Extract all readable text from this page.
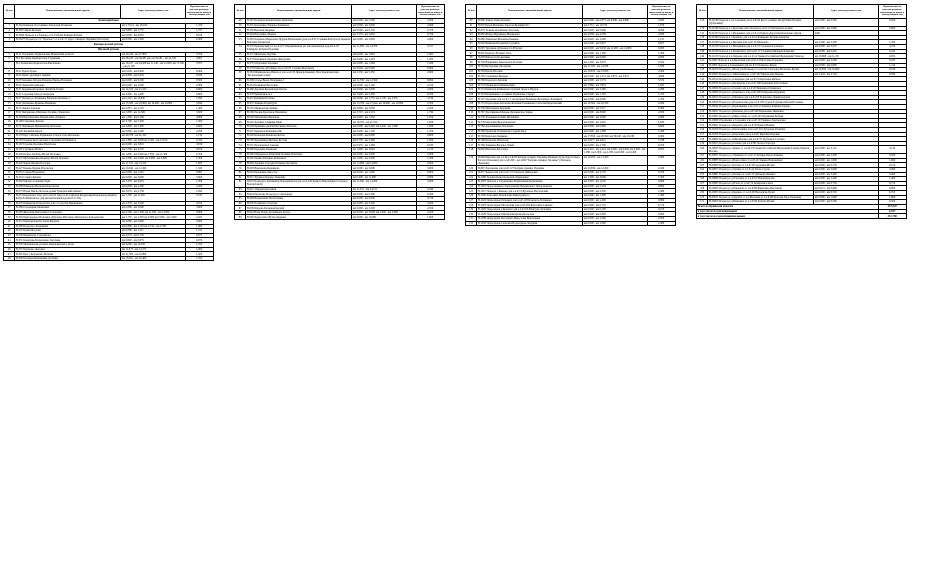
№ п/п	Наименование автомобильной дороги	Адрес участка ремонта, км	Протяженность участка ремонта, подлежащего вводу в эксплуатацию, км
Ленинградская			
1	Н-344 Каменец-Тросьинино-Заводская-Полковая	км 2,710,4 - км 18,104	1,376
2	Н-392 Симов-Козлово	км 8,800 - км 1,757	1,757
3	Н-3694 Подъезд к д.Зарячье от п.13-й Км Клинцы-Бобрик	км 0,000 - км 8,810	8,810
4	Н-26473 Подъезд к с/х "Красное" от н.п.Р-17 адрес с.Кирилл Чернявка (Поселок)	км 0,000 - км 2,300	2,300
Каницальский регион			
Шумкой регион			
5	Н-11 Огранично-Чудиновские Мыковский области	км 24,106 - км 27,800	3,700
6	Н-2 Бугорица-Криворотово-Старжевка	км 36,010 - км 39,281 км; км 39,281 - км 43,740	4,801
7	Н-5 Хохановка-Раднобобок-Выселково	км 16,247 - км 24,928 км 11,140 - км 12,000; км 17,500 - км 21,100	5,875
8	Н-21 Бурец-Чурек	км 0,000 - км 9,900	9,900
9	Н-22 Кулиг-урочище Семашко	км 8,800 - км 0,930	0,930
10	Н-28 Зеваевка-Погорк-Помощь-Мылье-Новомыл	км 0,000 - км 9,500	9,500
11	Н-29 Лукин-Бесданелька	км 0,000 - км 2,000	2,000
12	Н-31 Бердянка-Порожки-Любятин-Халин	км 14,325 - км 15,225	0,900
13	Н-32 Садовник-Запад-Скиндерня	км 0,800 - км 1,600	0,800
14	Н-37 Подъезд к Тегниевич Баранова-Куличке-2	км 9,110 - км 10,830	1,095
15	Н-44 Дагановка-Кужевка-Иванково	км 15,500 - км 16,900; км 19,400 - км 20,900	3,840
16	Н-53 Левант-Сколька	км 2,815 - км 4,125	1,400
17	Н-62 Мещановка-Шиповка-Телейко-Луковская	км 3,800 - км 14,500	3,500
18	Н-104 Ворошиловка-Помешлавль-Лукинор	км 1,300 - км 6,100	4,800
19	Н-108 Самохино-Ронова	км 3,700 - км 5,200	1,500
20	Н-74 Черникова-Мешковская-Хохолово	км 2,800 - км 3,400	0,600
21	Н-126 Звалинци-Кресн	км 0,000 - км 2,290	2,290
22	Н-153 Брест-Мельва Радионово-Старое Село-Яблоново	км 40,578 - км 41,702	1,132
23	Н-165 Пояковская-Соколова-Стрежнять-Отпилина-2	км 2,380 - км 3,000 км 5,500 - км 12,010	2,350
24	Н-167 Горелая-Орелина-Предболье	км 0,000 - км 3,810	3,810
25	Н-167 Глушково-Вятич	км 3,700 - км 4,570	0,870
26	Н-206 Бобры-Требить-Малая Полтавка	км 1,800 - км 6,900 км 7,050 - км 11,500	2,700
27	Н-215 Меситевневка-Баченец-Малая Дорожка	км 2,500 - км 3,000; км 0,000 - км 0,800	1,300
28	Н-226 Череп-Яновка-Поселок	км 11,725 - км 13,550	1,825
29	Н-227 Бокова-Черная-Плоскоток	км 10,942 - км 12,262	1,320
30	Н-233 Слаков-Новожилы	км 0,000 - км 1,225	0,897
31	Н-254 Славич-Кушнег	км 0,000 - км 3,000	3,000
32	Н-262 Кирово-Сорошки-Торм	км 3,470 - км 4,670	1,200
33	Н-268 Никаново-Вьюнова-Бересветье	км 0,000 - км 2,200	2,200
34	Н-273 Новая Мыль-Поселок-ровни Гражданский кабинет	км 3,055 - км 4,758	1,695
35	Н-274 Бараевское Усье для а.п.Р-95 Одесса-Российской Федерации-Пиндернурд-Брянск-Боброба-Ивановское для автомобильной дороги Р-51 III)	км 7,700 - км 11,265	2,535
36	Н-276 Бойковски-Отмолотово для с/х участка-Мещинцево	км 2,479 - км 3,500	2,810
37	Н-286 Городецкая-Можновка	км 0,000 - км 3,000	3,000
38	Н-263 Железная-Выстранка-Столоновка	км 0,500 - км 5,400; км 11,050 - км 13,000	0,800
39	Н-304 Пригородное-Возновка-Дубровка-Матоваца-Дмитровец-Домодавочки	км 2,750 - км 4,305 км 0,000 км 5,000 - км 5,960	2,452
40	Н-312 Бариловская-Расторов-Бердиль	км 0,000 - км 2,600	2,600
41	Н-306 Подъезд к Делюкиню	км 0,800 - км 2,745 км 2,745 - км 2,760	1,960
42	Н-310 Крани-Ястрова	км 0,000 - км 1,211	1,211
43	Н-326 Шапковско-Старожилое	км 0,075 - км 0,750	0,675
44	Н-331 Коммуны-Большаково-Тысячны	км 0,000 - км 0,970	0,970
45	Н-339 Мешнинская-уровень Барановичского уезда	км 9,000 - км 10,050	1,050
46	Н-337 Бараново-Лысовка	км 11,275 - км 12,275	1,000
47	Н-345 Брест-Колбаново-Васюни	км 21,300 - км 22,800	1,500
48	Н-346 Казачки-Мовшанник-Долбино	км 15,051 - км 16,404	1,353
№ п/п	Наименование автомобильной дороги	Адрес участка ремонта, км	Протяженность участка ремонта, подлежащего вводу в эксплуатацию, км
49	Н-347 Калибров-Пенязиченко-Каменско	км 0,000 - км 2,200	2,200
50	Н-351 Казаченые-Умерцы-Занчикова	км 0,000 - км 2,000	2,000
51	Н-359 Высокоя-Зверицы	км 0,000 - км 0,750	0,750
52	Н-364 Варучины-Дворцы	км 3,155 - км 3,832	0,700
53	Н-365 Казначее-Маркачева-Прудки-Величевань (для а.п.Р-97 Славник-Белгород-Гавриков-Выселки-Полянская	км 0,000 - км 2,000	2,000
54	Н-370 Беличевский (от а.п.Р-107 Обрывниковом (от автомобильной дороги Р-18 Клинцево-Кобрин-Радомищ	км 11,385 - км 14,700	3,317
55	Н-371 Мелихова-Зарубив	км 0,000 - км 1,065	1,065
56	Н-373 Каргияков-Держава-Дмитровка	км 0,000 - км 1,203	1,203
57	Н-376 Обруновка-Терешки	км 0,000 - км 1,280	1,280
58	Н-379 Байкалы-Дубовицы для а.п.Р-95 Слоним-Выселков)	км 0,000 - км 0,900	0,900
59	Н-384 Мешиновское-Виноход для а.п.Р-95 Брянск-Каменец-Пластиновский мир-"Бесконечные точки"	км 2,550 - км 5,350	2,800
60	Н-399 Столы-Вьюн-Поберкаво-1	км 11,700 - км 12,500	0,800
61	Н-454 Калинина-Выселков	км 0,000 - км 2,190	2,190
62	Н-466 Деревня-Бродинская-Понты	км 0,000 - км 2,000	2,000
63	Н-470 Бриантвильск-1	км 1,600 - км 2,360	0,760
64	Н-471 Кринник-Почапы	км 0,000 - км 1,755; км 2,100 - км 3,035	2,190
65	Н-472 Заниево-Подштурм	км 13,700 - км 17,044; км 19,600 - км 10,096	2,500
66	Н-555 Мичковская-Ленино	км 0,800 - км 3,000	2,200
67	Н-566 Разлив-Красинов-Пшенинка	км 2,725 - км 4,519	1,794
68	Н-520 Малишевка-Васильев	км 0,000 - км 1,250	1,250
69	Н-522 Долгинь-Схимник-Брив	км 19,355 - км 21,550	1,820
70	Н-526 Пришина-Долгий Посиник-Забелено	км 0,000 - км 0,420; км 0,420 - км 1,000	1,000
71	Н-527 Барнокон-Рощаница-Ив	км 0,000 - км 1,700	1,700
72	Н-529 Кольцова-Романова-Бехты	км 0,000 - км 0,800	0,800
73	Н-538 Черхавинка-Щебено-Костин	км 0,750 - км 2,390	1,950
74	Н-551 Прасковеев-Гальново	км 0,935 - км 1,360	0,935
75	Н-560 Бородина-Казиново	км 1,600 - км 3,002	1,213
76	Н-566 Марьинское-Рвинский-Поляны-Бубенчик	км 0,000 - км 2,000	2,000
77	Н-567 Беляна-Кантино-Ковановка	км 1,000 - км 2,400	1,400
78	Н-600 Дарница-Городян-Оплиева-Хотомичь	км 15,000 - км 14,000	0,920
79	Н-603 Варенцова-Берникова	км 0,000 - км 3,000	3,000
80	Н-616 Бранковка-Замостье	км 0,000 - км 1,600	0,900
81	Н-617 Дружное-Корево-Завернян	км 0,400 - км 11,900	2,000
82	Н-619 Подъезд к Хомлиничу-Бородинской (для а.п.Р-100 Брянск-Новозыбков-Сельское-Вонлюбовой)	км 11,200 - км 14,200	3,000
83	Н-621 Марьина-Красивая	км 11,351 - км 34,151	4,344
84	Н-624 Берлюева-Подъезд к Слисковому	км 0,000 - км 0,400	0,400
85	Н-628 Великовичи-Малагонина	км 0,000 - км 0,000	0,750
86	Н-630 Полиново-Строгова	км 0,000 - км 3,200	3,200
87	Н-639 Шарова-Балацкая-Черной	км 0,000 - км 2,500	2,500
88	Н-644 Нова Тихов-Дельникова-Залась	км 0,000 - км 3,000; км 3,000 - км 5,000	2,200
89	Н-663 Черносвита-Вухва-Диденко	км 0,000 - км 16,000	1,600
№ п/п	Наименование автомобильной дороги	Адрес участка ремонта, км	Протяженность участка ремонта, подлежащего вводу в эксплуатацию, км
90	Н-666 Хомич-Генич-Кремно	км 0,000 - км 0,875; км 8,986 - км 9,890	2,694
91	Н-670 Белов-Мошенка-Тарасов-Великий Лес	км 6,751 - км 10,723	1,970
92	Н-676 Толкова-Олоничева-Заголонь	км 0,020 - км 0,990	0,990
93	Н-680 Жабер-Муравьева-Мешковато	км 2,058 - км 4,358	2,000
94	Н-686 Лимонова-Мошенка-Рокиева	км 0,020 - км 1,090	1,147
95	Н-692 Нижнева-Больничка-Сурмиль	км 0,000 - км 0,627	0,627
96	Н-695 Трудовик-Дубровка-Сх-Юточня	км 0,000 - км 9,930; км 11,000 - км 14,800	6,095
97	Н-601 Бориско-Ветрянс-Успь	км 0,000 - км 1,300	1,300
98	Н-699 Виноград-Большевик	км 0,000 - км 0,900	0,900
99	Н-700 Нащишино-Кокольское-Рогачки	км 1,340 - км 3,670	0,322
100	Н-705 Бескудовка-Дрозденко	км 11,100 - км 12,030	1,930
101	Н-704 Букла-Носовно	км 10,870 - км 13,643	2,400
102	Н-705 Сандыкова-Кворцы	км 0,540 - км 1,251; км 1,872 - км 3,972	4,600
103	Н-706 Подъезд к Дернове	км 0,000 - км 5,574	5,574
104	Н-713 Обоянская-Олиянов-Кова	км 7,680 - км 7,819	1,631
105	Н-714 Блинская-Клименово-Средняя Дорога-Прудок	км 0,000 - км 2,286	2,286
106	Н-743 Безпрамная-с.л.Самика-Радионово-Сорнух	км 0,000 - км 1,763	1,763
107	Н-747 Оронские для а.п.Р-17 для вулкана Велькино-Величково-Рожников	км 0,000 - км 0,000	1,700
108	Н-755 Подъездная-Антонова-Большие Рожникова-Слобозей-Березовский	км 16,500 - км 16,764	0,280
109	Н-759 Маленькова-Берляева	км 0,000 - км 5,517	0,480
110	Н-767 Дрогниковы-Мальки-Дереневское Заярье	км 0,000 - км 8,900	2,050
111	Н-776 Затенькая-Лотвин-Прошнино	км 0,000 - км 2,000	2,000
112	Н-778 Березовка-Воротыновская	км 0,000 - км 1,645	1,645
113	Н-782 Дорожникова-Забелкино	км 0,000 - км 0,600	0,600
114	Н-789 Оранская-Плаховская-Старый Двор	км 0,000 - км 1,360	1,360
115	Н-790 Колесова-Заимкова	км 27,850 - км 28,560; км 30,940 - км 29,180	0,900
116	Н-796 Косилова-Панолохи	км 3,627 - км 4,815	1,188
117	Н-799 Заникова-Василье-Лукей	км 0,000 - км 2,700	0,700
118	Н-802 Шаблона-Рогатовка	км 4,210 - км 2,414; км 0,000 - км 0,604; км 0,000 - км 1,090; км 1,000 - км 1,030; км 0,000 - км 0,400	0,855
119	Н-806 Школова для а.п.М-12/Я-83 Кобрин-граница Украины-Великие Лучи-Одесса-Беда-Рогачи (Ольховка) для а.п.Р-290 - км 2,000 "Кобрин-граница Украины" (Липовец-Лудковка)	км 10,293 - км 13,200	2,900
120	Н-867 Дорошевка для а.п.Р-127 Кобрин-граница Украины	км 10,659 - км 12,200	2,440
121	Н-871 Черкасская для а.п.Р-137 Подъезд-Дмитровка	км 0,000 - км 2,770	0,700
122	Н-1000 Зеловка-Комсомольская-Ларионовка	км 1,500 - км 3,000	1,500
123	Н-1007 Подъезд к п.Грянченку-Карибенный-Кармаковка	км 3,003 - км 1,050	0,880
124	Н-1010 Подъездники к Хорловскому-Бердинского Запорожскому	км 0,000 - км 5,104	0,800
125	Н-1017 Подъезд с.Кимово для а.п.Р-15 Буранска-Нортонский	км 0,000 - км 2,350	1,080
126	Н-1020 Ханолина-Новойчерке Виноградного	км 0,000 - км 1,300	1,300
127	Н-1022 Подъездные Бабецкие для а.п.Р-103 Козельск-Любивина	км 0,000 - км 1,200	0,800
128	Н-1023 Подъездные Молдонова для а.п.Р-103 Березовка-Савенок	км 0,000 - км 0,710	0,710
129	Н-1025 Подъездная к.Крамова для а.п.Р-105 Виштуна-Лужняны	км 0,000 - км 0,100	0,100
130	Н-1029 Подъездные Михайловка-Комсомольская	км 0,000 - км 0,800	0,800
131	Н-1039 Подъездная Поселкова-Новоселки Вокзальная	км 0,000 - км 1,200	0,500
132	Н-1043 Подъездная-Сельская-Подъездная-Лазурная	км 0,000 - км 1,000	1,000
№ п/п	Наименование автомобильной дороги	Адрес участка ремонта, км	Протяженность участка ремонта, подлежащего вводу в эксплуатацию, км
133	Н-20-99 Подъезд к а.п.Середина для а.п.Р-94 Брест-граница Республики Польша (Дубровица)	км 0,000 - км 0,500	0,500
134	Н-20-86 Подъезд к с.Кротовка для Смотрич и а.п.Р-13 Любанское-Сошно	км 0,000 - км 5,600	5,600
135	Н-20-87 Подъезд к с.Мельников для а.п.Р-15 Брянск-Дорогичи-Коваленко Дарли	km0	
136	Н-20-89 Подъезд к с.Крамово для а.п.Р-16 Клинцово-Богунь-Завертки		
137	Н-20-90 Подъезд к д.Бисовка для а.п.Р-16 Мальцево	км 2,500 - км 3,500	1,500
138	Н-20-93 Подъезд к д.Мельников для а.п.Р-15 Стражева-Гдовского	км 0,000 - км 3,270	3,270
139	Н-20-94 Подъезд к д.Качинского для а.п.Р-17 Слониим-Милевич-Рожковка	км 0,000 - км 0,435	0,435
140	Н-20-95 Подъезд к п.Пернове для а.п.Р-14 Гривка-Российской Федерации (Гомель)	км 19,868 - км 11,231	0,655
141	Н-2000 Подъезд к а.п.Березовая для а.п.Р-24 Мостовка-Гордьево	км 0,000 - км 2,200	0,435
142	Н-2006 Подъезд к Зальменкий для а.п.Р-19 Климово-Яново	км 0,000 - км 0,800	1,214
143	Н-20479 Подъезд к д.Воля для Белькова от а.п.Р-92 Слободка-Воленово-Бубны	км 10,650 - км 10,660	0,160
144	Н-20503 Подъезд к с.Мичилевки от а.п.Р-102 Мироновка-Бережь	км 3,204 - км 3,704	0,500
145	Н-20510 Подъезд к д.Свиридов для а.п.Р-75 Березовка-Рыбное		
146	Н-20520 Подъезд к д.Кочкарова для а.п.Р-100 Кожевник-Заболотный		
147	Н-20560 Подъезд к д.Саново для а.п.Р-20 Ряжновка-Цуманское		
148	Н-20600 Подъезд к д.Ракитного для а.п.Р-200 Комаровка-Кудрявец		
149	Н-20612 Подъезд к д.Малинск для а.п.Р-279 Борисовка-Ленинградская		
150	Н-20630 Подъезд к д.Подмасловка для а.п.Р-185 Сураж-Горбовка-Малая Потепень		
151	Н-20642 Подъезд к д.Крапивница для а.п.Р-12 Бежица-Клинцы-Зарецк		
152	Н-20651 Подъезд к д.Бахмана для а.п.Р-240 Корюковка-Ивановка		
153	Н-20665 Подъезд к д.Мирославль от а.п.Р-245 Коряковка-Бобрик		
154	Н-20680 Обращение к Сорокина для а.п.Р-19 Урицкое-Зареченская		
155	Н-20691 Подъезд к д.Карачев для а.п.Р-50 Брянск-Нежин		
156	Н-20700 Подъезд к д.Коноплянка для а.п.Р-310 Дубровка-Ржаница		
157	Н-20709 Подъезд к д.Березовка для а.п.Р-65 Жуковка-Боровка		
158	Н-20800 Подъезд к д.Михайловка для а.п.Р-70 Трубчевск-Суземка		
159	Н-20815 Подъезд к д.Сельцо для а.п.Р-80 Погар-Стародуб		
160	Н-20847 Подъезд к с.Брянь от а.п.М-19 Границ Российской Федерации (Гомель)-Брянск-Москва	км 0,000 - км 3,110	3,110
161	Н-20851 Подъезд к с.Лукинцы от а.п.Р-15 Речица-Ветка-Клинцы	км 0,000 - км 3,500	3,500
162	Н-20863 Подъезд к д.Новоселки от а.п.Р-26 Злынка-Новозыбков	км 0,000 - км 1,800	1,800
163	Н-20869 Подъезд к д.Рогово от а.п.Р-34 Гордеевка-Мглин	км 0,000 - км 0,150	0,150
164	Н-20877 Подъезд к д.Лужки от а.п.Р-44 Унеча-Сураж	км 0,000 - км 2,000	2,000
165	Н-20881 Подъезд к д.Белица от а.п.Р-55 Дятьково-Фокино	км 0,000 - км 3,400	3,400
166	Н-20890 Подъезд к д.Ольховка от а.п.Р-61 Навля-Брасово	км 0,000 - км 1,400	1,400
167	Н-20895 Подъезд к д.Пчела от а.п.Р-72 Комаричи-Севск	км 0,000 - км 0,750	0,750
168	Н-20900 Подъезд к д.Рековичи от а.п.Р-88 Жирятино-Выгоничи	км 0,015 - км 0,900	0,900
169	Н-20903 Подъезд к д.Кокино от а.п.Р-90 Выгоничи-Почеп	км 0,000 - км 6,702	6,702
170	Н-20911 Подъезд к д.Дружба от а.п.Мельник от а.п.Р-98 Красная Гора-Гордеевка	км 0,000 - км 1,600	1,600
171	Н-20923 Подъезд к д.Ивановка от а.п.Р-99 Клетня-Мглин	км 0,000 - км 0,500	0,500
Всего по Брянской области			337,047
в том числе по региональным			4,397
в том числе по межмуниципальным			331,700
